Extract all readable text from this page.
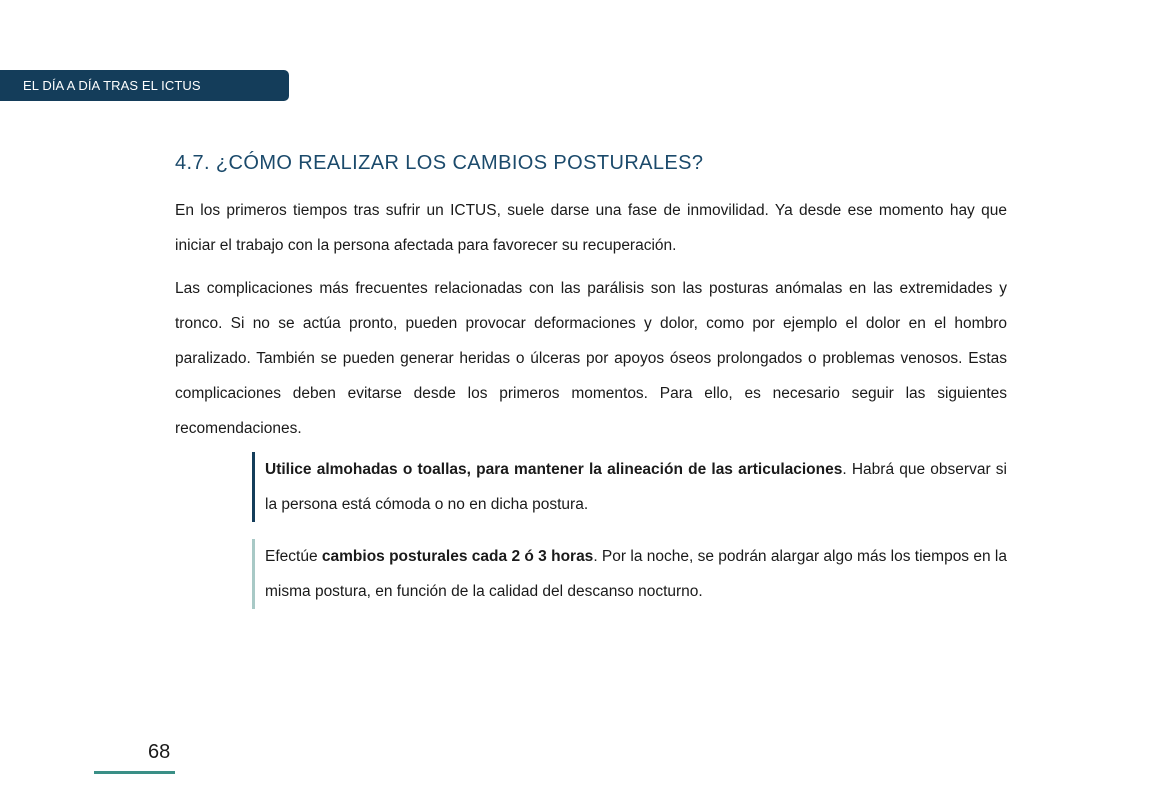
EL DÍA A DÍA TRAS EL ICTUS
4.7. ¿CÓMO REALIZAR LOS CAMBIOS POSTURALES?

En los primeros tiempos tras sufrir un ICTUS, suele darse una fase de inmovilidad. Ya desde ese momento hay que iniciar el trabajo con la persona afectada para favorecer su recuperación.

Las complicaciones más frecuentes relacionadas con las parálisis son las posturas anómalas en las extremidades y tronco. Si no se actúa pronto, pueden provocar deformaciones y dolor, como por ejemplo el dolor en el hombro paralizado. También se pueden generar heridas o úlceras por apoyos óseos prolongados o problemas venosos. Estas complicaciones deben evitarse desde los primeros momentos. Para ello, es necesario seguir las siguientes recomendaciones.

Utilice almohadas o toallas, para mantener la alineación de las articulaciones. Habrá que observar si la persona está cómoda o no en dicha postura.

Efectúe cambios posturales cada 2 ó 3 horas. Por la noche, se podrán alargar algo más los tiempos en la misma postura, en función de la calidad del descanso nocturno.

68
